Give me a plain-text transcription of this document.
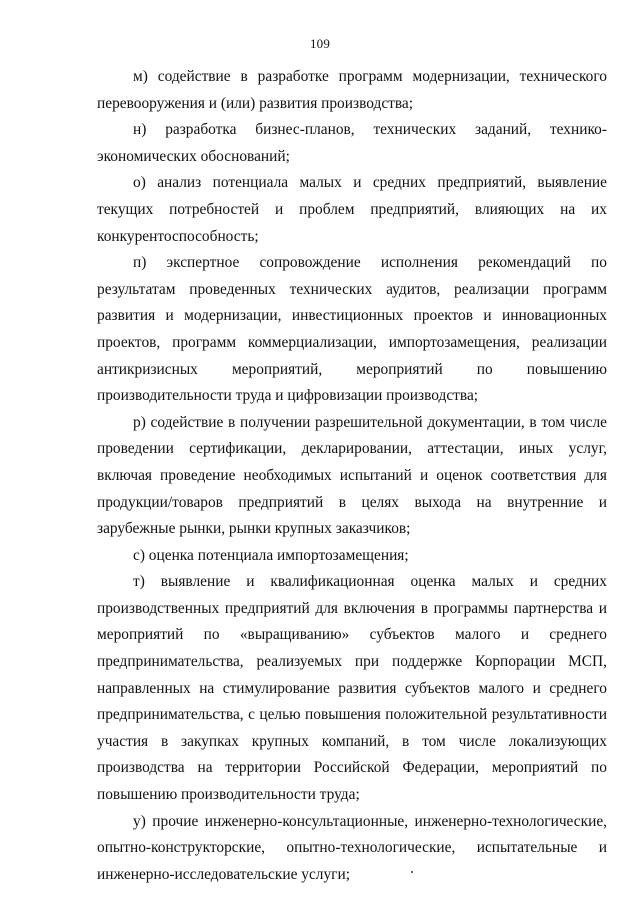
109

м) содействие в разработке программ модернизации, технического перевооружения и (или) развития производства;

н) разработка бизнес-планов, технических заданий, технико-экономических обоснований;

о) анализ потенциала малых и средних предприятий, выявление текущих потребностей и проблем предприятий, влияющих на их конкурентоспособность;

п) экспертное сопровождение исполнения рекомендаций по результатам проведенных технических аудитов, реализации программ развития и модернизации, инвестиционных проектов и инновационных проектов, программ коммерциализации, импортозамещения, реализации антикризисных мероприятий, мероприятий по повышению производительности труда и цифровизации производства;

р) содействие в получении разрешительной документации, в том числе проведении сертификации, декларировании, аттестации, иных услуг, включая проведение необходимых испытаний и оценок соответствия для продукции/товаров предприятий в целях выхода на внутренние и зарубежные рынки, рынки крупных заказчиков;

с) оценка потенциала импортозамещения;

т) выявление и квалификационная оценка малых и средних производственных предприятий для включения в программы партнерства и мероприятий по «выращиванию» субъектов малого и среднего предпринимательства, реализуемых при поддержке Корпорации МСП, направленных на стимулирование развития субъектов малого и среднего предпринимательства, с целью повышения положительной результативности участия в закупках крупных компаний, в том числе локализующих производства на территории Российской Федерации, мероприятий по повышению производительности труда;

у) прочие инженерно-консультационные, инженерно-технологические, опытно-конструкторские, опытно-технологические, испытательные и инженерно-исследовательские услуги;
